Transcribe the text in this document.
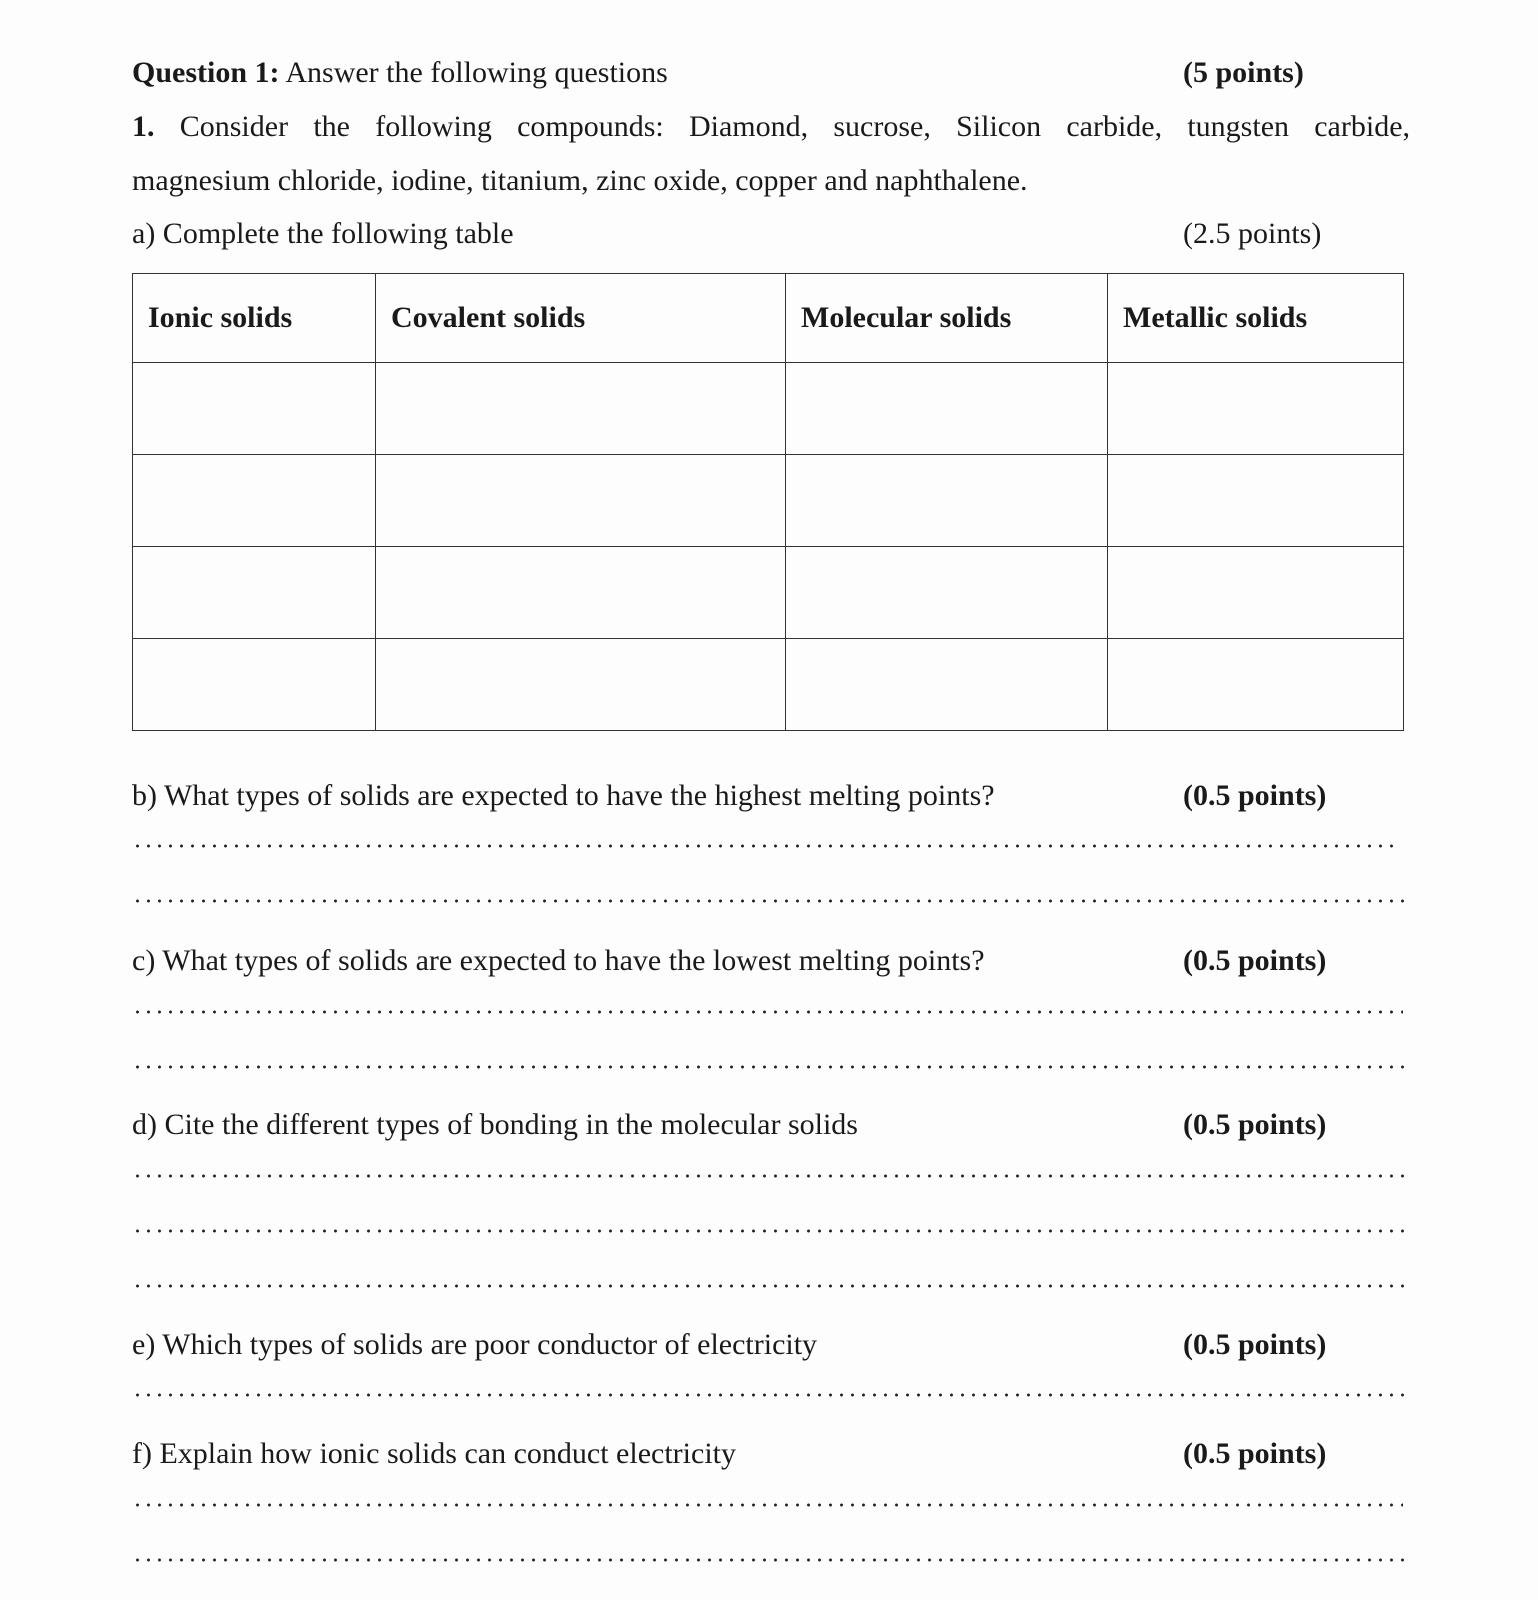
Question 1: Answer the following questions	(5 points)
1. Consider the following compounds: Diamond, sucrose, Silicon carbide, tungsten carbide,
magnesium chloride, iodine, titanium, zinc oxide, copper and naphthalene.
a) Complete the following table	(2.5 points)
Ionic solids	Covalent solids	Molecular solids	Metallic solids

b) What types of solids are expected to have the highest melting points?	(0.5 points)
c) What types of solids are expected to have the lowest melting points?	(0.5 points)
d) Cite the different types of bonding in the molecular solids	(0.5 points)
e) Which types of solids are poor conductor of electricity	(0.5 points)
f) Explain how ionic solids can conduct electricity	(0.5 points)
